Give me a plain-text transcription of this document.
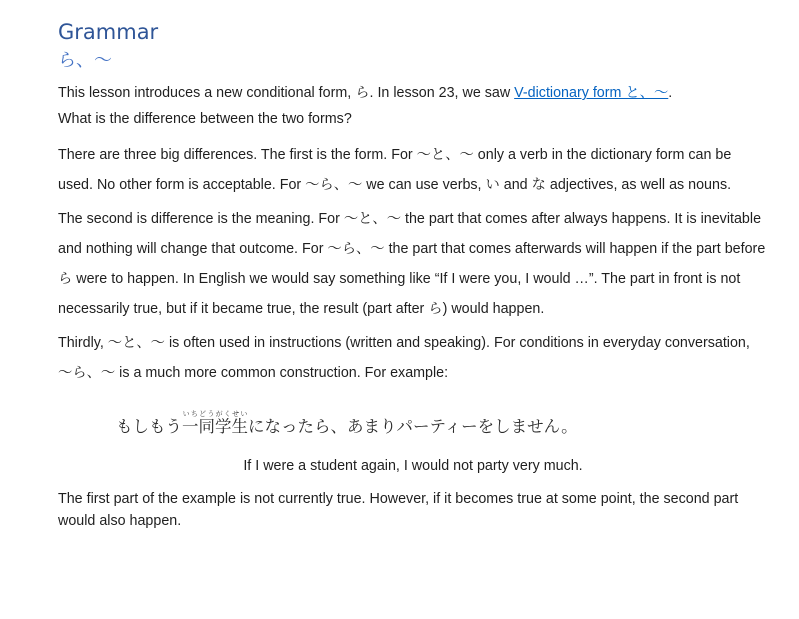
Grammar
ら、〜

This lesson introduces a new conditional form, ら. In lesson 23, we saw V-dictionary form と、〜.
What is the difference between the two forms?

There are three big differences. The first is the form. For 〜と、〜 only a verb in the dictionary form can be used. No other form is acceptable. For 〜ら、〜 we can use verbs, い and な adjectives, as well as nouns.

The second is difference is the meaning. For 〜と、〜 the part that comes after always happens. It is inevitable and nothing will change that outcome. For 〜ら、〜 the part that comes afterwards will happen if the part before ら were to happen. In English we would say something like “If I were you, I would …”. The part in front is not necessarily true, but if it became true, the result (part after ら) would happen.

Thirdly, 〜と、〜 is often used in instructions (written and speaking). For conditions in everyday conversation, 〜ら、〜 is a much more common construction. For example:

もしもう一同学生いちどうがくせいになったら、あまりパーティーをしません。
If I were a student again, I would not party very much.

The first part of the example is not currently true. However, if it becomes true at some point, the second part would also happen.
